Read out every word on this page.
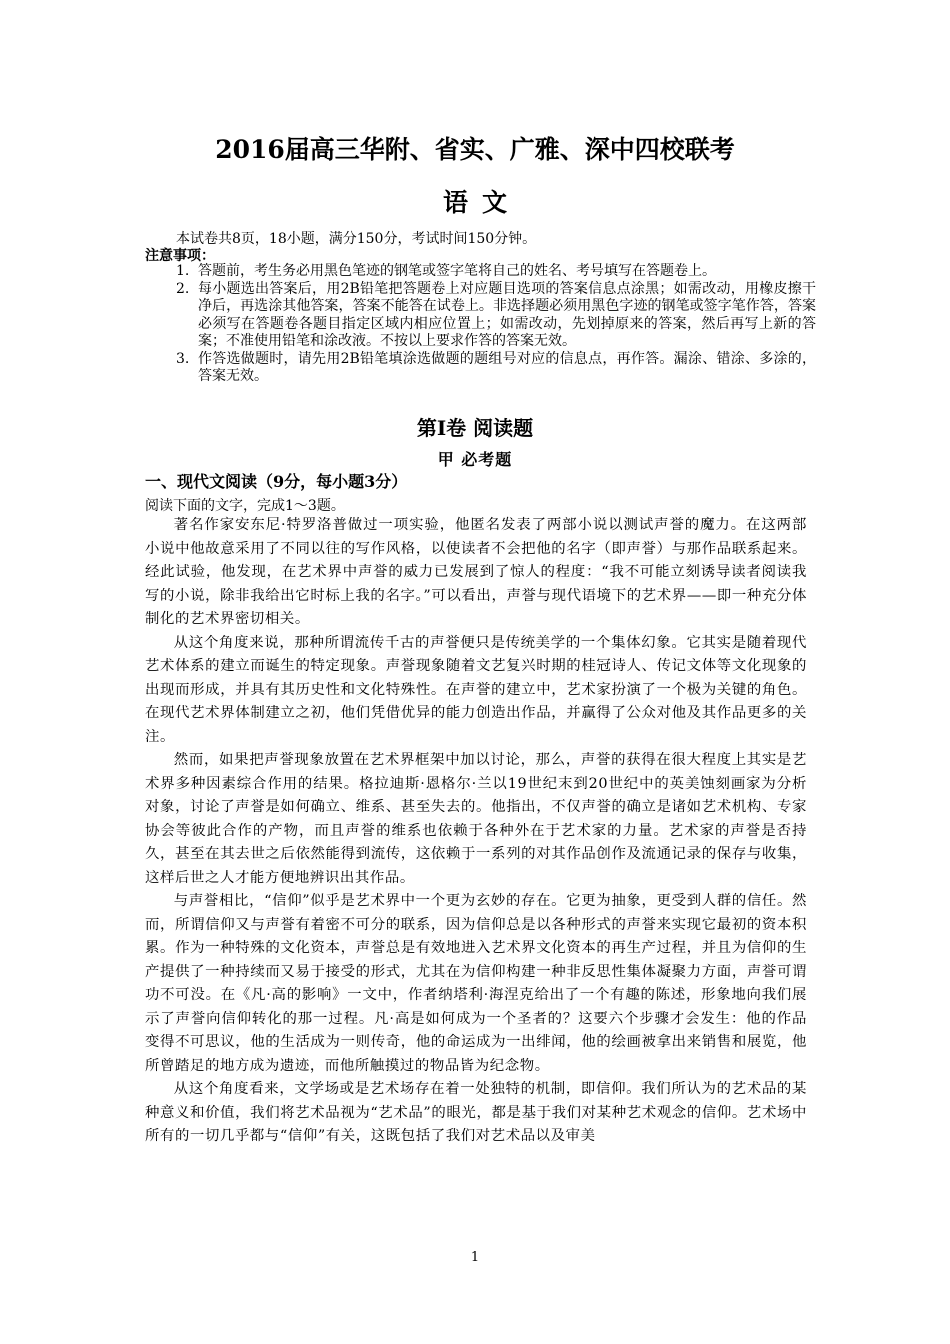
2016届高三华附、省实、广雅、深中四校联考
语文
本试卷共8页，18小题，满分150分，考试时间150分钟。
注意事项：
1. 答题前，考生务必用黑色笔迹的钢笔或签字笔将自己的姓名、考号填写在答题卷上。
2. 每小题选出答案后，用2B铅笔把答题卷上对应题目选项的答案信息点涂黑；如需改动，用橡皮擦干净后，再选涂其他答案，答案不能答在试卷上。非选择题必须用黑色字迹的钢笔或签字笔作答，答案必须写在答题卷各题目指定区域内相应位置上；如需改动，先划掉原来的答案，然后再写上新的答案；不准使用铅笔和涂改液。不按以上要求作答的答案无效。
3. 作答选做题时，请先用2B铅笔填涂选做题的题组号对应的信息点，再作答。漏涂、错涂、多涂的，答案无效。
第Ⅰ卷 阅读题
甲 必考题
一、现代文阅读（9分，每小题3分）
阅读下面的文字，完成1～3题。

著名作家安东尼·特罗洛普做过一项实验，他匿名发表了两部小说以测试声誉的魔力。在这两部小说中他故意采用了不同以往的写作风格，以使读者不会把他的名字（即声誉）与那作品联系起来。经此试验，他发现，在艺术界中声誉的威力已发展到了惊人的程度：“我不可能立刻诱导读者阅读我写的小说，除非我给出它时标上我的名字。”可以看出，声誉与现代语境下的艺术界——即一种充分体制化的艺术界密切相关。

从这个角度来说，那种所谓流传千古的声誉便只是传统美学的一个集体幻象。它其实是随着现代艺术体系的建立而诞生的特定现象。声誉现象随着文艺复兴时期的桂冠诗人、传记文体等文化现象的出现而形成，并具有其历史性和文化特殊性。在声誉的建立中，艺术家扮演了一个极为关键的角色。在现代艺术界体制建立之初，他们凭借优异的能力创造出作品，并赢得了公众对他及其作品更多的关注。

然而，如果把声誉现象放置在艺术界框架中加以讨论，那么，声誉的获得在很大程度上其实是艺术界多种因素综合作用的结果。格拉迪斯·恩格尔·兰以19世纪末到20世纪中的英美蚀刻画家为分析对象，讨论了声誉是如何确立、维系、甚至失去的。他指出，不仅声誉的确立是诸如艺术机构、专家协会等彼此合作的产物，而且声誉的维系也依赖于各种外在于艺术家的力量。艺术家的声誉是否持久，甚至在其去世之后依然能得到流传，这依赖于一系列的对其作品创作及流通记录的保存与收集，这样后世之人才能方便地辨识出其作品。

与声誉相比，“信仰”似乎是艺术界中一个更为玄妙的存在。它更为抽象，更受到人群的信任。然而，所谓信仰又与声誉有着密不可分的联系，因为信仰总是以各种形式的声誉来实现它最初的资本积累。作为一种特殊的文化资本，声誉总是有效地进入艺术界文化资本的再生产过程，并且为信仰的生产提供了一种持续而又易于接受的形式，尤其在为信仰构建一种非反思性集体凝聚力方面，声誉可谓功不可没。在《凡·高的影响》一文中，作者纳塔利·海涅克给出了一个有趣的陈述，形象地向我们展示了声誉向信仰转化的那一过程。凡·高是如何成为一个圣者的？这要六个步骤才会发生：他的作品变得不可思议，他的生活成为一则传奇，他的命运成为一出绯闻，他的绘画被拿出来销售和展览，他所曾踏足的地方成为遗迹，而他所触摸过的物品皆为纪念物。

从这个角度看来，文学场或是艺术场存在着一处独特的机制，即信仰。我们所认为的艺术品的某种意义和价值，我们将艺术品视为“艺术品”的眼光，都是基于我们对某种艺术观念的信仰。艺术场中所有的一切几乎都与“信仰”有关，这既包括了我们对艺术品以及审美

1
